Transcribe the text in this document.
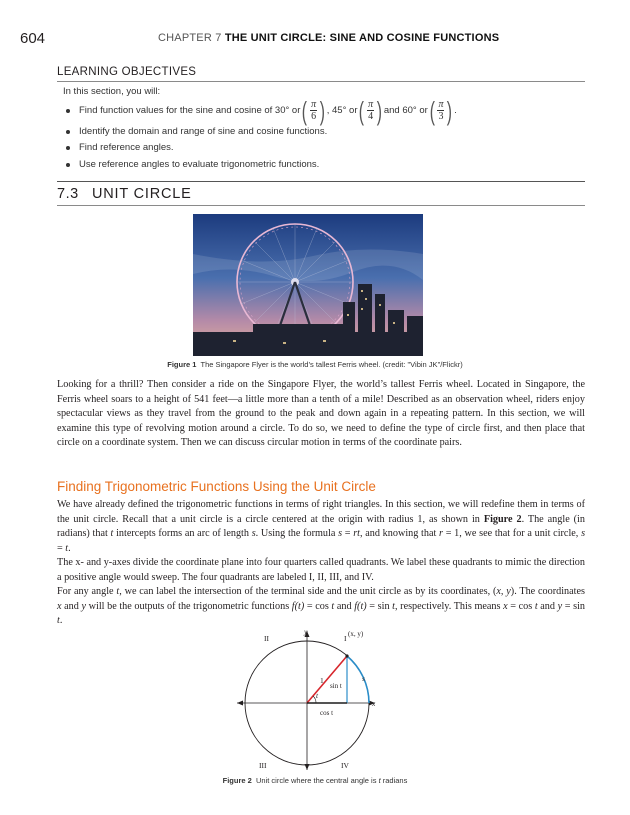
604	CHAPTER 7 THE UNIT CIRCLE: SINE AND COSINE FUNCTIONS
LEARNING OBJECTIVES
In this section, you will:
Find function values for the sine and cosine of 30° or ( $\frac{\pi}{6}$ ) , 45° or ( $\frac{\pi}{4}$ ) and 60° or ( $\frac{\pi}{3}$ ) .
Identify the domain and range of sine and cosine functions.
Find reference angles.
Use reference angles to evaluate trigonometric functions.
7.3 UNIT CIRCLE
Figure 1 The Singapore Flyer is the world’s tallest Ferris wheel. (credit: "Vibin JK"/Flickr)
Looking for a thrill? Then consider a ride on the Singapore Flyer, the world’s tallest Ferris wheel. Located in Singapore, the Ferris wheel soars to a height of 541 feet—a little more than a tenth of a mile! Described as an observation wheel, riders enjoy spectacular views as they travel from the ground to the peak and down again in a repeating pattern. In this section, we will examine this type of revolving motion around a circle. To do so, we need to define the type of circle first, and then place that circle on a coordinate system. Then we can discuss circular motion in terms of the coordinate pairs.
Finding Trigonometric Functions Using the Unit Circle
We have already defined the trigonometric functions in terms of right triangles. In this section, we will redefine them in terms of the unit circle. Recall that a unit circle is a circle centered at the origin with radius 1, as shown in Figure 2. The angle (in radians) that t intercepts forms an arc of length s. Using the formula s = rt, and knowing that r = 1, we see that for a unit circle, s = t.
The x- and y-axes divide the coordinate plane into four quarters called quadrants. We label these quadrants to mimic the direction a positive angle would sweep. The four quadrants are labeled I, II, III, and IV.
For any angle t, we can label the intersection of the terminal side and the unit circle as by its coordinates, (x, y). The coordinates x and y will be the outputs of the trigonometric functions f(t) = cos t and f(t) = sin t, respectively. This means x = cos t and y = sin t.
II	I
III	IV
y
x
(x, y)
1	s
t
sin t
cos t
Figure 2 Unit circle where the central angle is t radians
